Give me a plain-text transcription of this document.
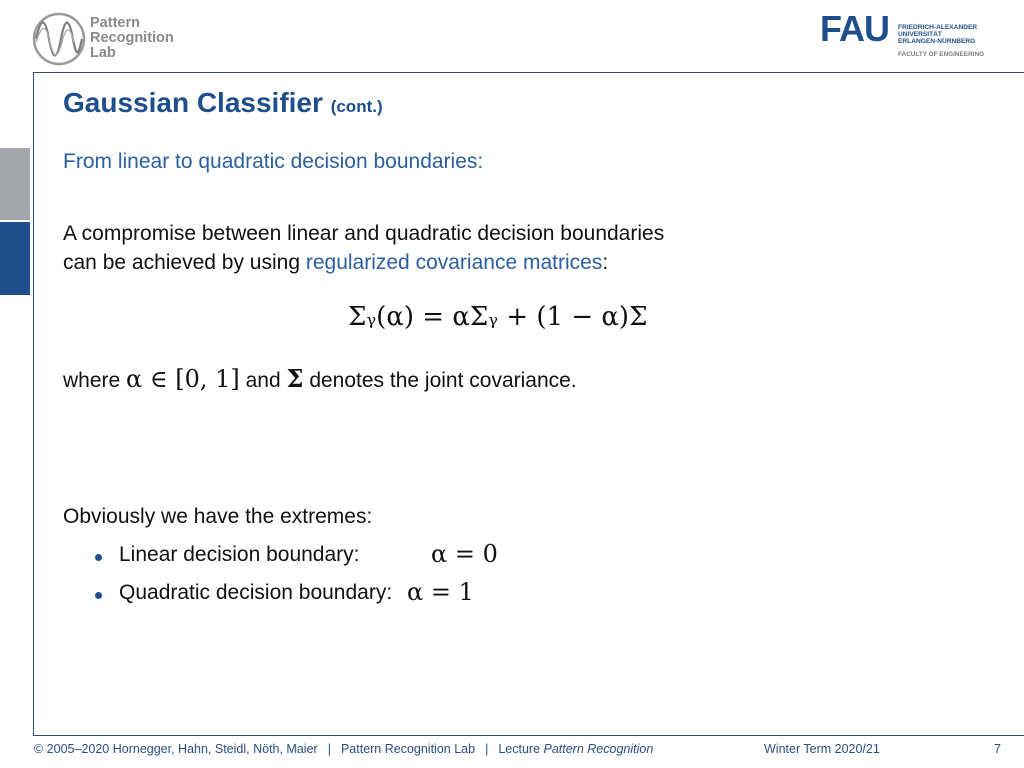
Pattern
Recognition
Lab
FAU FRIEDRICH-ALEXANDER
UNIVERSITÄT
ERLANGEN-NÜRNBERG
FACULTY OF ENGINEERING
Gaussian Classifier (cont.)
From linear to quadratic decision boundaries:
A compromise between linear and quadratic decision boundaries
can be achieved by using regularized covariance matrices:
Σᵧ(α) = αΣᵧ + (1 − α)Σ
where α ∈ [0, 1] and Σ denotes the joint covariance.
Obviously we have the extremes:
Linear decision boundary:	α = 0
Quadratic decision boundary: α = 1
© 2005–2020 Hornegger, Hahn, Steidl, Nöth, Maier | Pattern Recognition Lab | Lecture Pattern Recognition	Winter Term 2020/21	7
